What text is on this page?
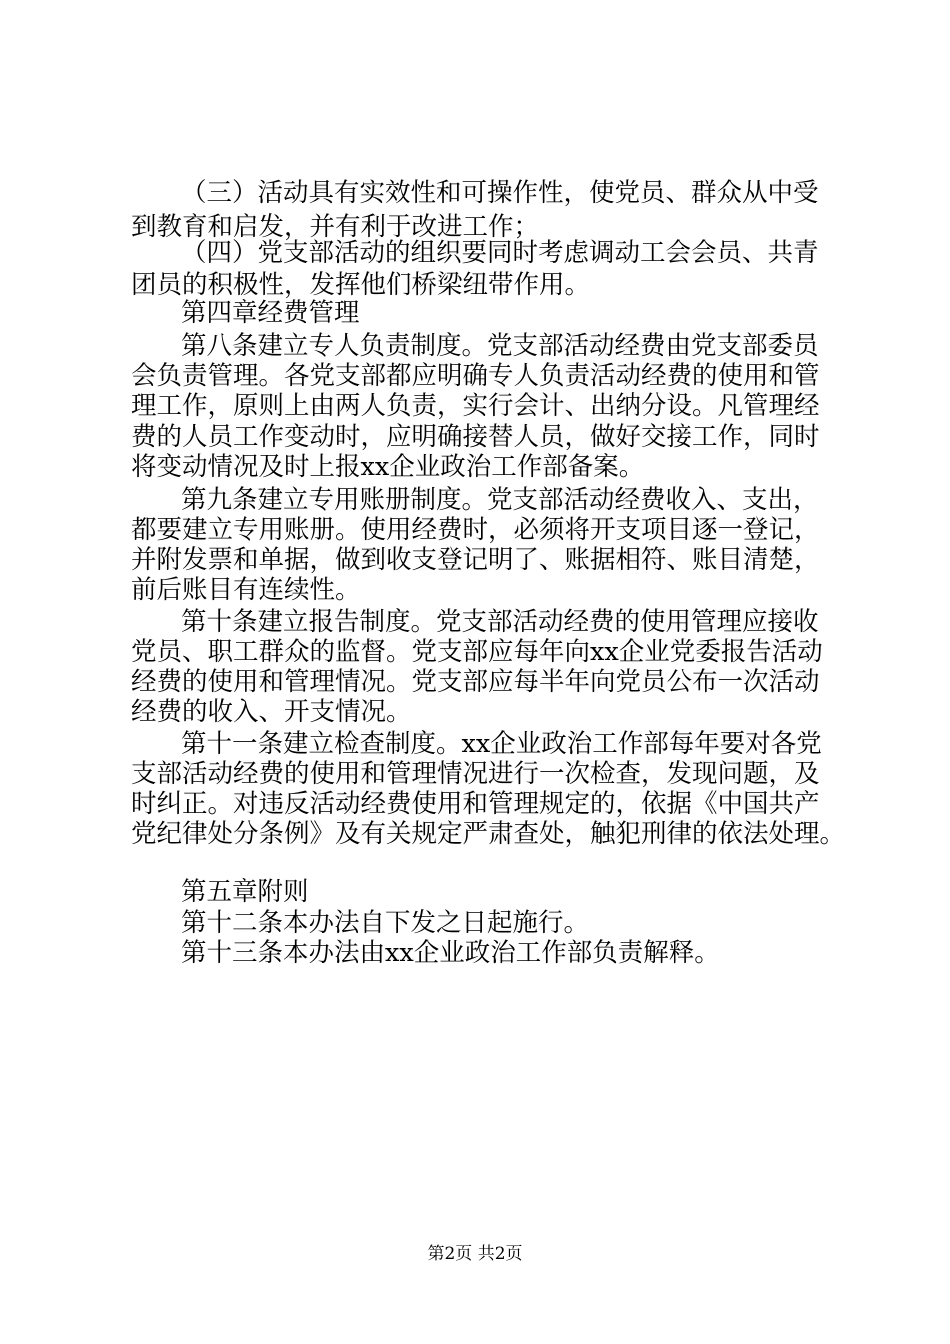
（三）活动具有实效性和可操作性，使党员、群众从中受
到教育和启发，并有利于改进工作；
（四）党支部活动的组织要同时考虑调动工会会员、共青
团员的积极性，发挥他们桥梁纽带作用。
第四章经费管理
第八条建立专人负责制度。党支部活动经费由党支部委员
会负责管理。各党支部都应明确专人负责活动经费的使用和管
理工作，原则上由两人负责，实行会计、出纳分设。凡管理经
费的人员工作变动时，应明确接替人员，做好交接工作，同时
将变动情况及时上报xx企业政治工作部备案。
第九条建立专用账册制度。党支部活动经费收入、支出，
都要建立专用账册。使用经费时，必须将开支项目逐一登记，
并附发票和单据，做到收支登记明了、账据相符、账目清楚，
前后账目有连续性。
第十条建立报告制度。党支部活动经费的使用管理应接收
党员、职工群众的监督。党支部应每年向xx企业党委报告活动
经费的使用和管理情况。党支部应每半年向党员公布一次活动
经费的收入、开支情况。
第十一条建立检查制度。xx企业政治工作部每年要对各党
支部活动经费的使用和管理情况进行一次检查，发现问题，及
时纠正。对违反活动经费使用和管理规定的，依据《中国共产
党纪律处分条例》及有关规定严肃查处，触犯刑律的依法处理。
第五章附则
第十二条本办法自下发之日起施行。
第十三条本办法由xx企业政治工作部负责解释。
第2页 共2页
